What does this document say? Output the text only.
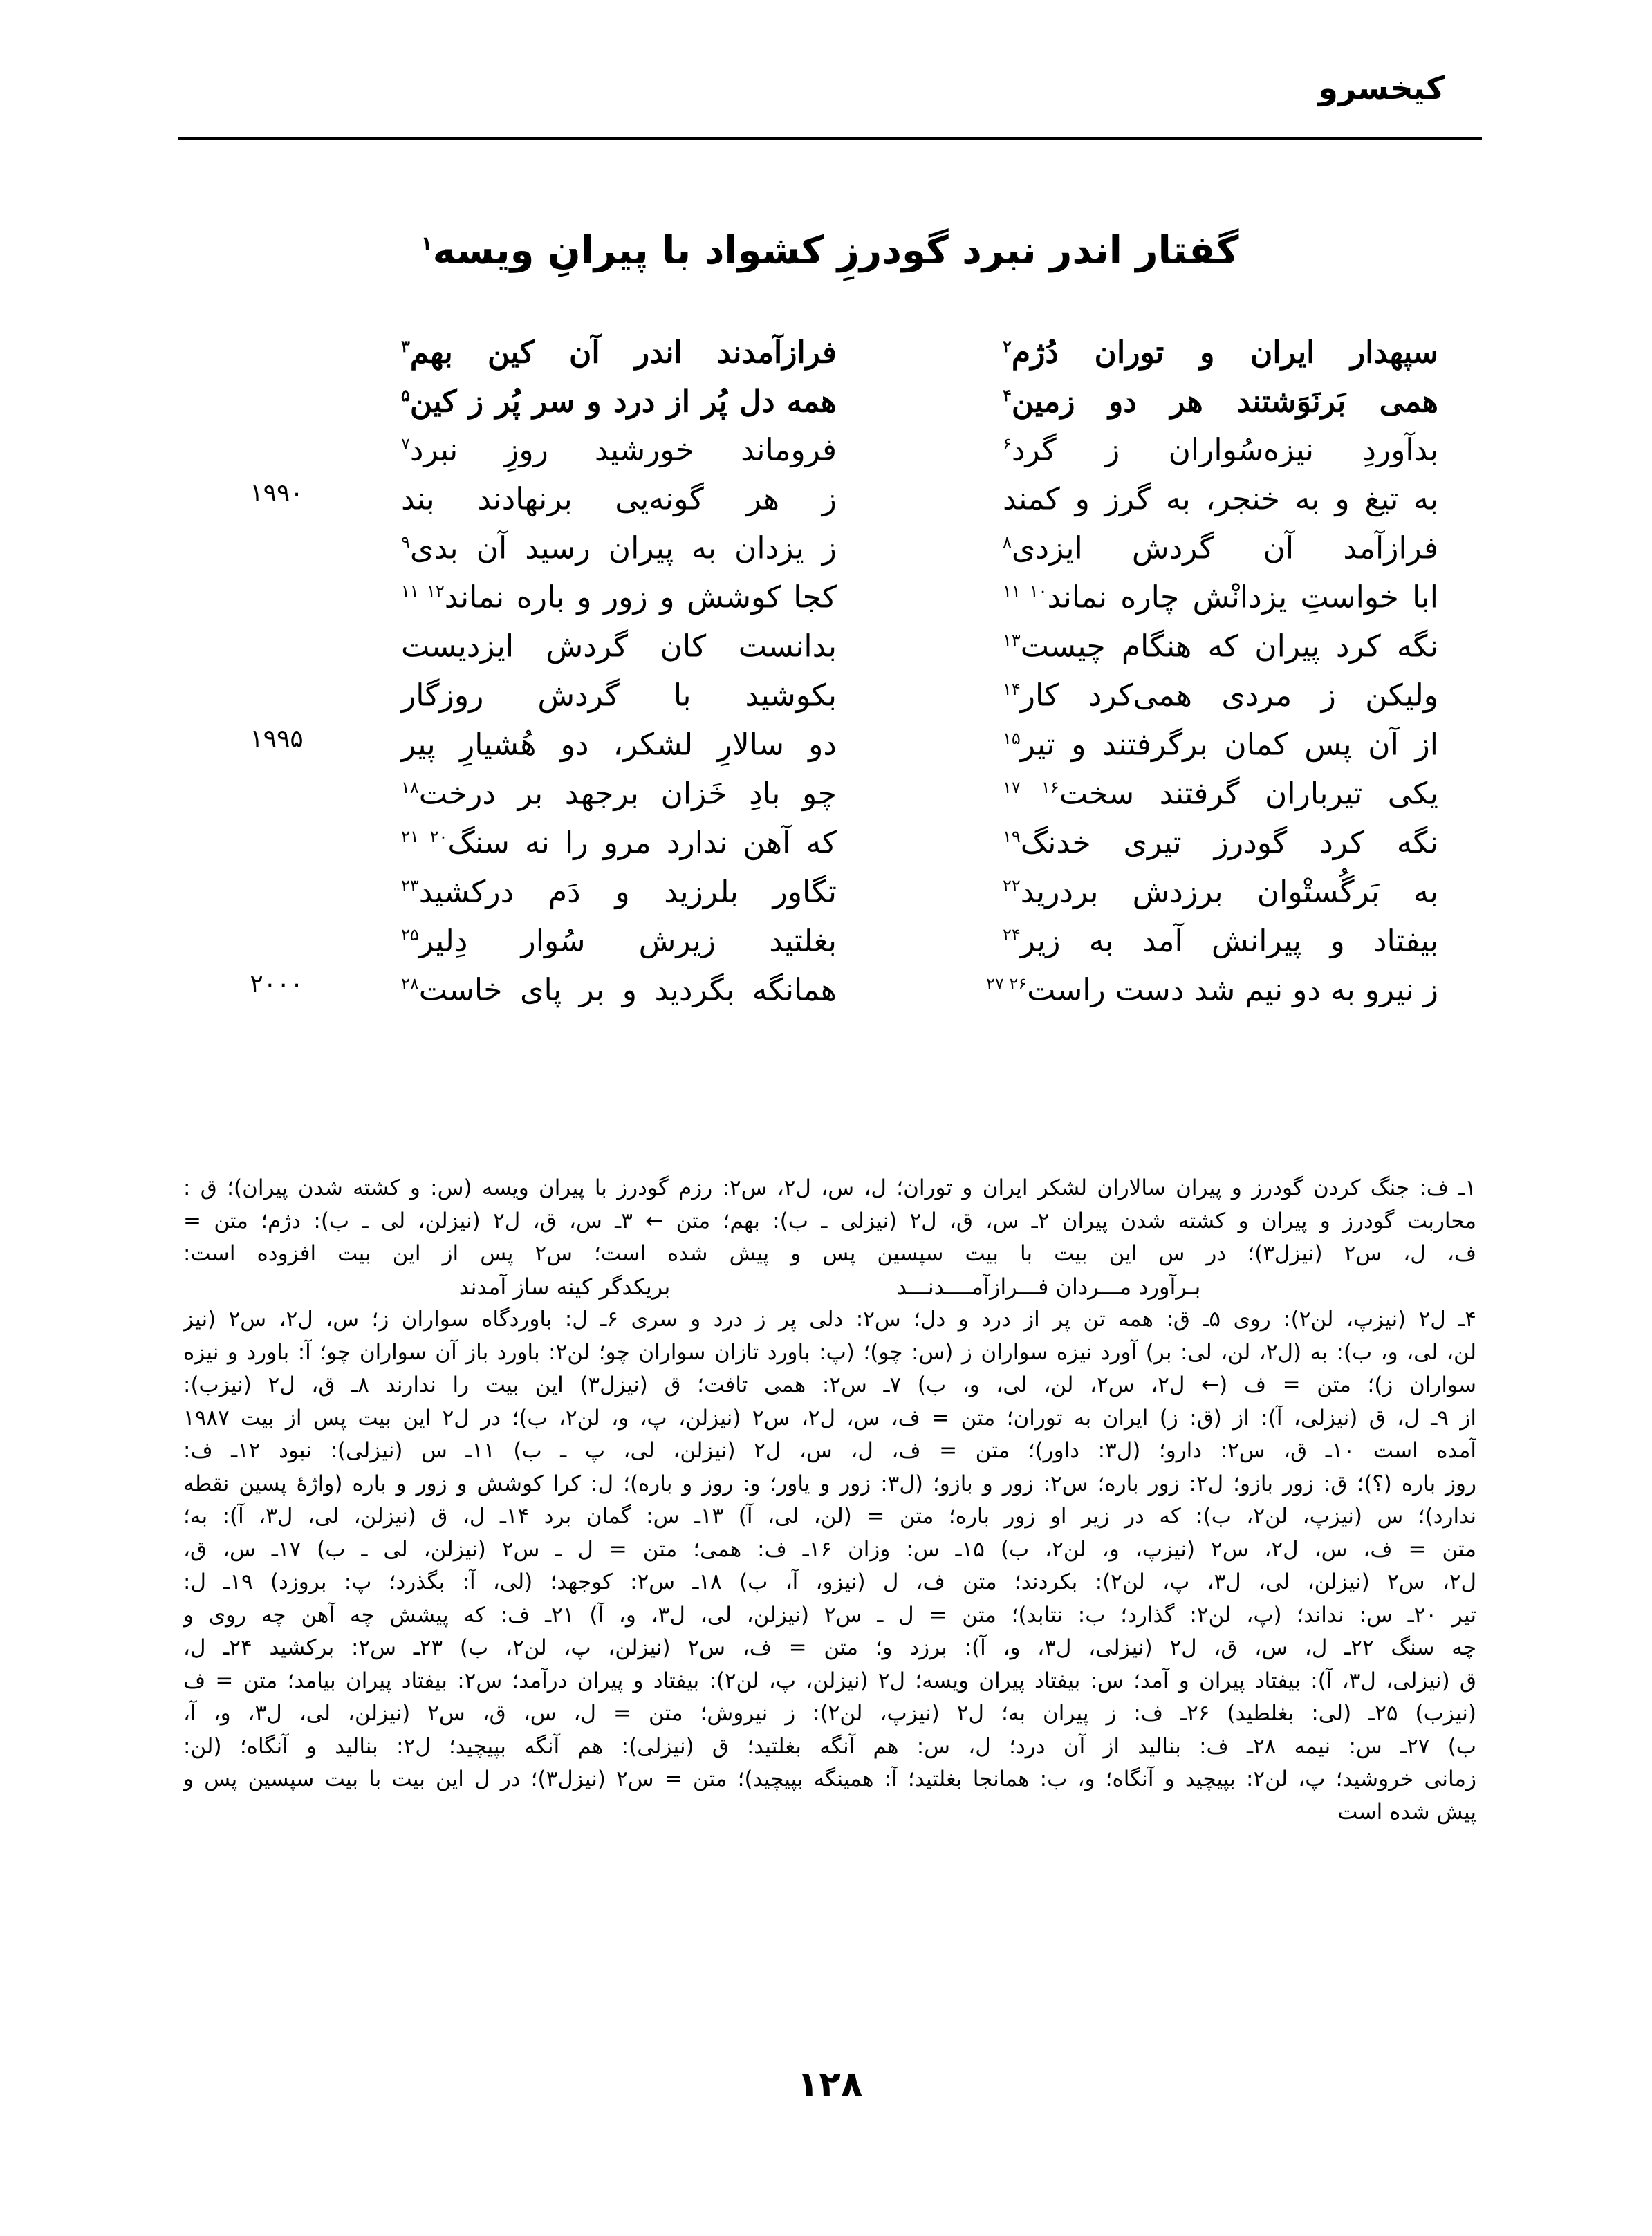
کیخسرو
گفتار اندر نبرد گودرزِ کشواد با پیرانِ ویسه$^۱$
سپهدار ایران و توران دُژم$^۲$
فرازآمدند اندر آن کین بهم$^۳$
همی بَرنَوَشتند هر دو زمین$^۴$
همه دل پُر از درد و سر پُر ز کین$^۵$
بدآوردِ نیزه‌سُواران ز گرد$^۶$
فروماند خورشید روزِ نبرد$^۷$
به تیغ و به خنجر، به گرز و کمند
ز هر گونه‌یی برنهادند بند
۱۹۹۰
فرازآمد آن گردش ایزدی$^۸$
ز یزدان به پیران رسید آن بدی$^۹$
ابا خواستِ یزدانْش چاره نماند$^{۱۰ ۱۱}$
کجا کوشش و زور و باره نماند$^{۱۲ ۱۱}$
نگه کرد پیران که هنگام چیست$^{۱۳}$
بدانست کان گردش ایزدیست
ولیکن ز مردی همی‌کرد کار$^{۱۴}$
بکوشید با گردش روزگار
از آن پس کمان برگرفتند و تیر$^{۱۵}$
دو سالارِ لشکر، دو هُشیارِ پیر
۱۹۹۵
یکی تیرباران گرفتند سخت$^{۱۶ ۱۷}$
چو بادِ خَزان برجهد بر درخت$^{۱۸}$
نگه کرد گودرز تیری خدنگ$^{۱۹}$
که آهن ندارد مرو را نه سنگ$^{۲۰ ۲۱}$
به بَرگُستْوان برزدش بردرید$^{۲۲}$
تگاور بلرزید و دَم درکشید$^{۲۳}$
بیفتاد و پیرانش آمد به زیر$^{۲۴}$
بغلتید زیرش سُوار دِلیر$^{۲۵}$
ز نیرو به دو نیم شد دست راست$^{۲۶ ۲۷}$
همانگه بگردید و بر پای خاست$^{۲۸}$
۲۰۰۰
۱ـ ف: جنگ کردن گودرز و پیران سالاران لشکر ایران و توران؛ ل، س، ل۲، س۲: رزم گودرز با پیران ویسه (س: و کشته شدن پیران)؛ ق :
محاربت گودرز و پیران و کشته شدن پیران ۲ـ س، ق، ل۲ (نیزلی ـ ب): بهم؛ متن ← ۳ـ س، ق، ل۲ (نیزلن، لی ـ ب): دژم؛ متن =
ف، ل، س۲ (نیزل۳)؛ در س این بیت با بیت سپسین پس و پیش شده است؛ س۲ پس از این بیت افزوده است:
بـرآورد مـــردان فـــرازآمــــدنـــد
بریکدگر کینه ساز آمدند
۴ـ ل۲ (نیزپ، لن۲): روی ۵ـ ق: همه تن پر از درد و دل؛ س۲: دلی پر ز درد و سری ۶ـ ل: باوردگاه سواران ز؛ س، ل۲، س۲ (نیز
لن، لی، و، ب): به (ل۲، لن، لی: بر) آورد نیزه سواران ز (س: چو)؛ (پ: باورد تازان سواران چو؛ لن۲: باورد باز آن سواران چو؛ آ: باورد و نیزه
سواران ز)؛ متن = ف (← ل۲، س۲، لن، لی، و، ب) ۷ـ س۲: همی تافت؛ ق (نیزل۳) این بیت را ندارند ۸ـ ق، ل۲ (نیزب):
از ۹ـ ل، ق (نیزلی، آ): از (ق: ز) ایران به توران؛ متن = ف، س، ل۲، س۲ (نیزلن، پ، و، لن۲، ب)؛ در ل۲ این بیت پس از بیت ۱۹۸۷
آمده است ۱۰ـ ق، س۲: دارو؛ (ل۳: داور)؛ متن = ف، ل، س، ل۲ (نیزلن، لی، پ ـ ب) ۱۱ـ س (نیزلی): نبود ۱۲ـ ف:
روز باره (؟)؛ ق: زور بازو؛ ل۲: زور باره؛ س۲: زور و بازو؛ (ل۳: زور و یاور؛ و: روز و باره)؛ ل: کرا کوشش و زور و باره (واژهٔ پسین نقطه
ندارد)؛ س (نیزپ، لن۲، ب): که در زیر او زور باره؛ متن = (لن، لی، آ) ۱۳ـ س: گمان برد ۱۴ـ ل، ق (نیزلن، لی، ل۳، آ): به؛
متن = ف، س، ل۲، س۲ (نیزپ، و، لن۲، ب) ۱۵ـ س: وزان ۱۶ـ ف: همی؛ متن = ل ـ س۲ (نیزلن، لی ـ ب) ۱۷ـ س، ق،
ل۲، س۲ (نیزلن، لی، ل۳، پ، لن۲): بکردند؛ متن ف، ل (نیزو، آ، ب) ۱۸ـ س۲: کوجهد؛ (لی، آ: بگذرد؛ پ: بروزد) ۱۹ـ ل:
تیر ۲۰ـ س: نداند؛ (پ، لن۲: گذارد؛ ب: نتابد)؛ متن = ل ـ س۲ (نیزلن، لی، ل۳، و، آ) ۲۱ـ ف: که پیشش چه آهن چه روی و
چه سنگ ۲۲ـ ل، س، ق، ل۲ (نیزلی، ل۳، و، آ): برزد و؛ متن = ف، س۲ (نیزلن، پ، لن۲، ب) ۲۳ـ س۲: برکشید ۲۴ـ ل،
ق (نیزلی، ل۳، آ): بیفتاد پیران و آمد؛ س: بیفتاد پیران ویسه؛ ل۲ (نیزلن، پ، لن۲): بیفتاد و پیران درآمد؛ س۲: بیفتاد پیران بیامد؛ متن = ف
(نیزب) ۲۵ـ (لی: بغلطید) ۲۶ـ ف: ز پیران به؛ ل۲ (نیزپ، لن۲): ز نیروش؛ متن = ل، س، ق، س۲ (نیزلن، لی، ل۳، و، آ،
ب) ۲۷ـ س: نیمه ۲۸ـ ف: بنالید از آن درد؛ ل، س: هم آنگه بغلتید؛ ق (نیزلی): هم آنگه بپیچید؛ ل۲: بنالید و آنگاه؛ (لن:
زمانی خروشید؛ پ، لن۲: بپیچید و آنگاه؛ و، ب: همانجا بغلتید؛ آ: همینگه بپیچید)؛ متن = س۲ (نیزل۳)؛ در ل این بیت با بیت سپسین پس و
پیش شده است
۱۲۸
